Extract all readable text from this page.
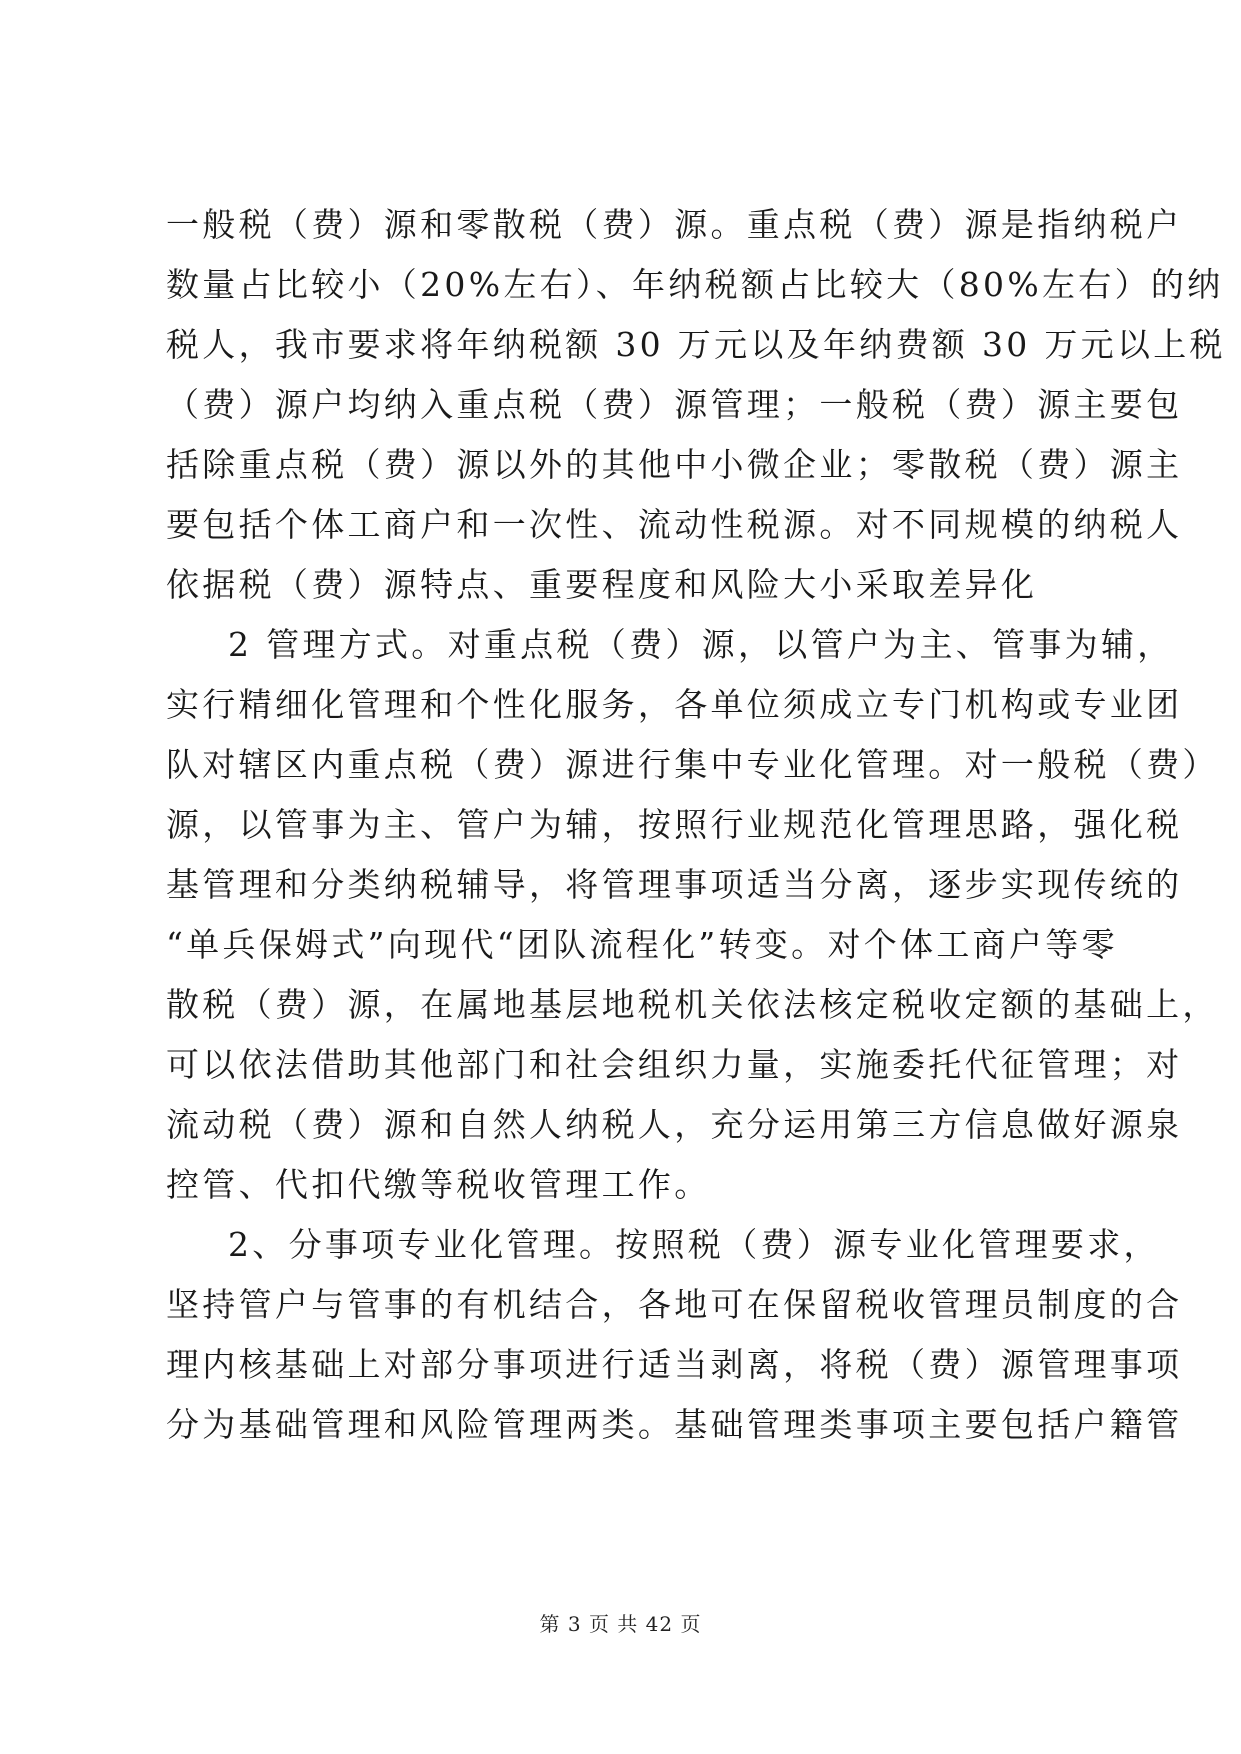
一般税（费）源和零散税（费）源。重点税（费）源是指纳税户
数量占比较小（20%左右）、年纳税额占比较大（80%左右）的纳
税人，我市要求将年纳税额 30 万元以及年纳费额 30 万元以上税
（费）源户均纳入重点税（费）源管理；一般税（费）源主要包
括除重点税（费）源以外的其他中小微企业；零散税（费）源主
要包括个体工商户和一次性、流动性税源。对不同规模的纳税人
依据税（费）源特点、重要程度和风险大小采取差异化
2 管理方式。对重点税（费）源，以管户为主、管事为辅，
实行精细化管理和个性化服务，各单位须成立专门机构或专业团
队对辖区内重点税（费）源进行集中专业化管理。对一般税（费）
源，以管事为主、管户为辅，按照行业规范化管理思路，强化税
基管理和分类纳税辅导，将管理事项适当分离，逐步实现传统的
“单兵保姆式”向现代“团队流程化”转变。对个体工商户等零
散税（费）源，在属地基层地税机关依法核定税收定额的基础上，
可以依法借助其他部门和社会组织力量，实施委托代征管理；对
流动税（费）源和自然人纳税人，充分运用第三方信息做好源泉
控管、代扣代缴等税收管理工作。
2、分事项专业化管理。按照税（费）源专业化管理要求，
坚持管户与管事的有机结合，各地可在保留税收管理员制度的合
理内核基础上对部分事项进行适当剥离，将税（费）源管理事项
分为基础管理和风险管理两类。基础管理类事项主要包括户籍管
第 3 页 共 42 页
